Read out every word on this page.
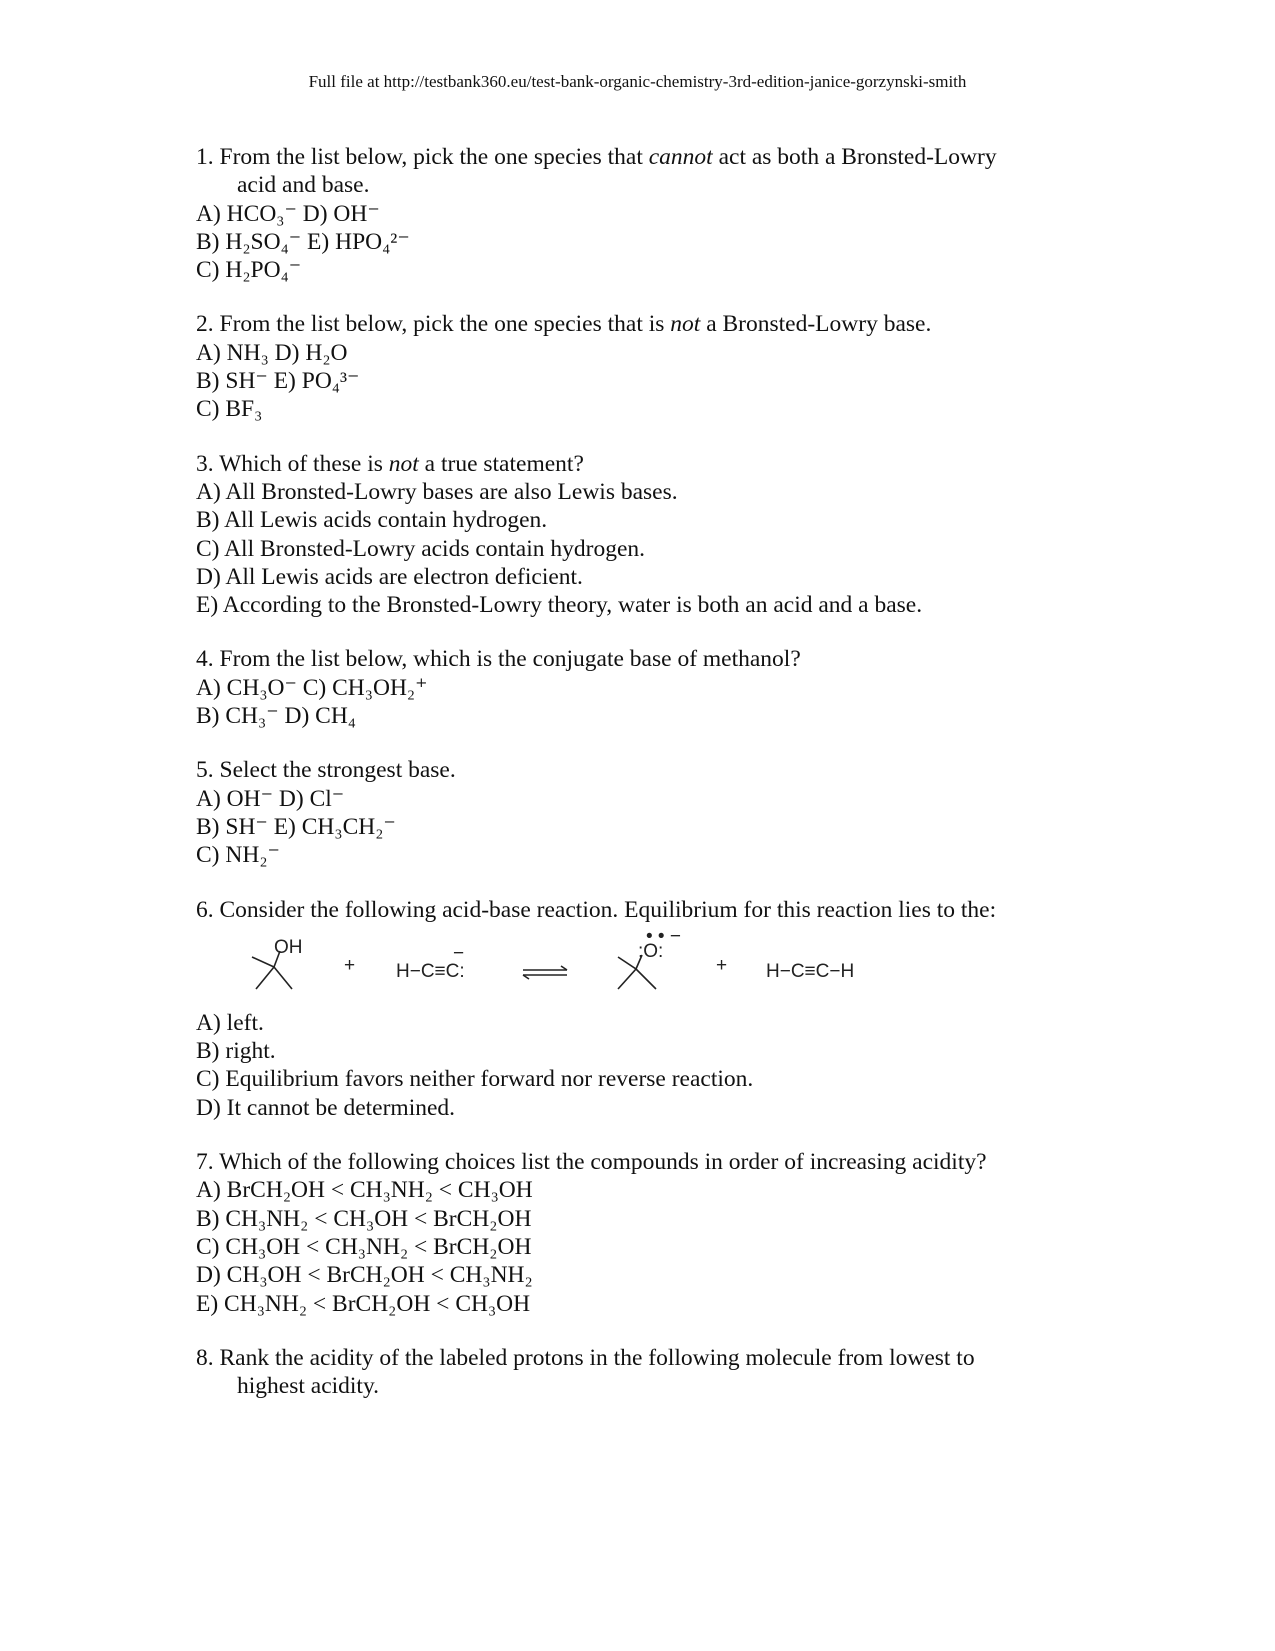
Full file at http://testbank360.eu/test-bank-organic-chemistry-3rd-edition-janice-gorzynski-smith

1. From the list below, pick the one species that cannot act as both a Bronsted-Lowry

acid and base.

A) HCO₃⁻ D) OH⁻

B) H₂SO₄⁻ E) HPO₄²⁻

C) H₂PO₄⁻

2. From the list below, pick the one species that is not a Bronsted-Lowry base.

A) NH₃ D) H₂O

B) SH⁻ E) PO₄³⁻

C) BF₃

3. Which of these is not a true statement?

A) All Bronsted-Lowry bases are also Lewis bases.

B) All Lewis acids contain hydrogen.

C) All Bronsted-Lowry acids contain hydrogen.

D) All Lewis acids are electron deficient.

E) According to the Bronsted-Lowry theory, water is both an acid and a base.

4. From the list below, which is the conjugate base of methanol?

A) CH₃O⁻ C) CH₃OH₂⁺

B) CH₃⁻ D) CH₄

5. Select the strongest base.

A) OH⁻ D) Cl⁻

B) SH⁻ E) CH₃CH₂⁻

C) NH₂⁻

6. Consider the following acid-base reaction. Equilibrium for this reaction lies to the:

OH
+ H−C≡C:
−	:O:
• • −
+ H−C≡C−H

A) left.

B) right.

C) Equilibrium favors neither forward nor reverse reaction.

D) It cannot be determined.

7. Which of the following choices list the compounds in order of increasing acidity?

A) BrCH₂OH < CH₃NH₂ < CH₃OH

B) CH₃NH₂ < CH₃OH < BrCH₂OH

C) CH₃OH < CH₃NH₂ < BrCH₂OH

D) CH₃OH < BrCH₂OH < CH₃NH₂

E) CH₃NH₂ < BrCH₂OH < CH₃OH

8. Rank the acidity of the labeled protons in the following molecule from lowest to

highest acidity.
